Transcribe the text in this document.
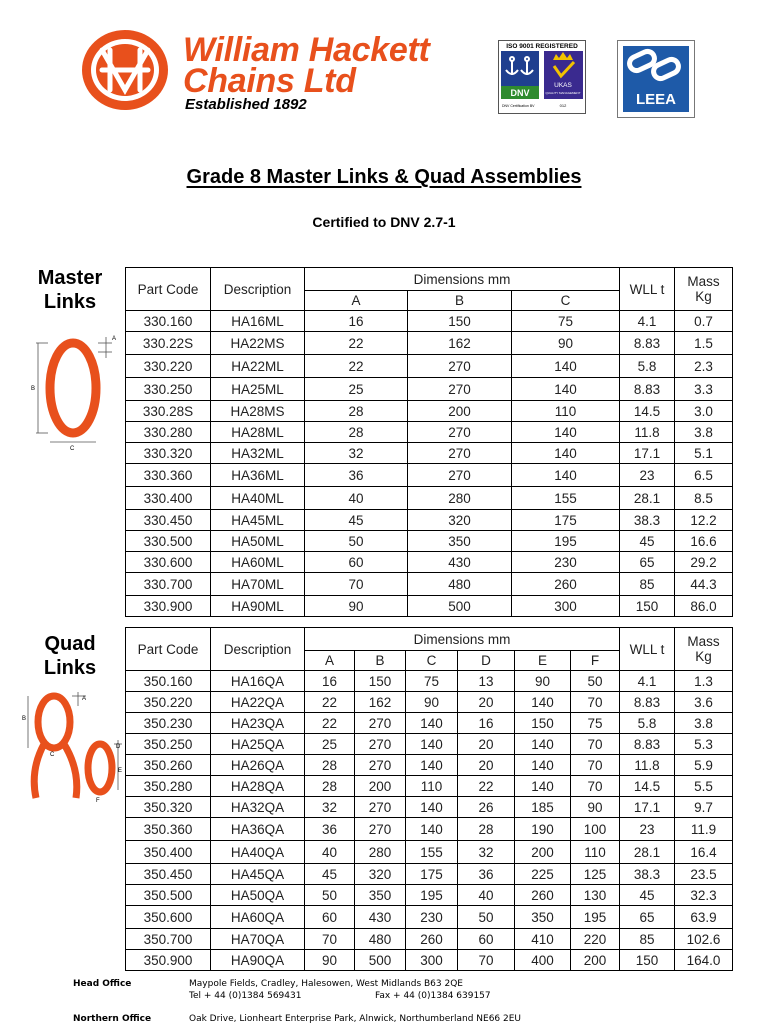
William Hackett
Chains Ltd
Established 1892
ISO 9001 REGISTERED
DNV
UKAS
QUALITY MANAGEMENT
DNV Certification BV	012	LEEA
Grade 8 Master Links & Quad Assemblies
Certified to DNV 2.7-1
Master
Links
A
B
C
Part Code	Description	Dimensions mm			WLL t	Mass
Kg

		A	B	C		
330.160	HA16ML	16	150	75	4.1	0.7
330.22S	HA22MS	22	162	90	8.83	1.5
330.220	HA22ML	22	270	140	5.8	2.3
330.250	HA25ML	25	270	140	8.83	3.3
330.28S	HA28MS	28	200	110	14.5	3.0
330.280	HA28ML	28	270	140	11.8	3.8
330.320	HA32ML	32	270	140	17.1	5.1
330.360	HA36ML	36	270	140	23	6.5
330.400	HA40ML	40	280	155	28.1	8.5
330.450	HA45ML	45	320	175	38.3	12.2
330.500	HA50ML	50	350	195	45	16.6
330.600	HA60ML	60	430	230	65	29.2
330.700	HA70ML	70	480	260	85	44.3
330.900	HA90ML	90	500	300	150	86.0
Quad
Links
A
B
C
D
E
F
Part Code	Description	Dimensions mm						WLL t	Mass
Kg

		A	B	C	D	E	F		
350.160	HA16QA	16	150	75	13	90	50	4.1	1.3
350.220	HA22QA	22	162	90	20	140	70	8.83	3.6
350.230	HA23QA	22	270	140	16	150	75	5.8	3.8
350.250	HA25QA	25	270	140	20	140	70	8.83	5.3
350.260	HA26QA	28	270	140	20	140	70	11.8	5.9
350.280	HA28QA	28	200	110	22	140	70	14.5	5.5
350.320	HA32QA	32	270	140	26	185	90	17.1	9.7
350.360	HA36QA	36	270	140	28	190	100	23	11.9
350.400	HA40QA	40	280	155	32	200	110	28.1	16.4
350.450	HA45QA	45	320	175	36	225	125	38.3	23.5
350.500	HA50QA	50	350	195	40	260	130	45	32.3
350.600	HA60QA	60	430	230	50	350	195	65	63.9
350.700	HA70QA	70	480	260	60	410	220	85	102.6
350.900	HA90QA	90	500	300	70	400	200	150	164.0
Head Office	Maypole Fields, Cradley, Halesowen, West Midlands B63 2QE
Tel + 44 (0)1384 569431	Fax + 44 (0)1384 639157
Northern Office	Oak Drive, Lionheart Enterprise Park, Alnwick, Northumberland NE66 2EU
